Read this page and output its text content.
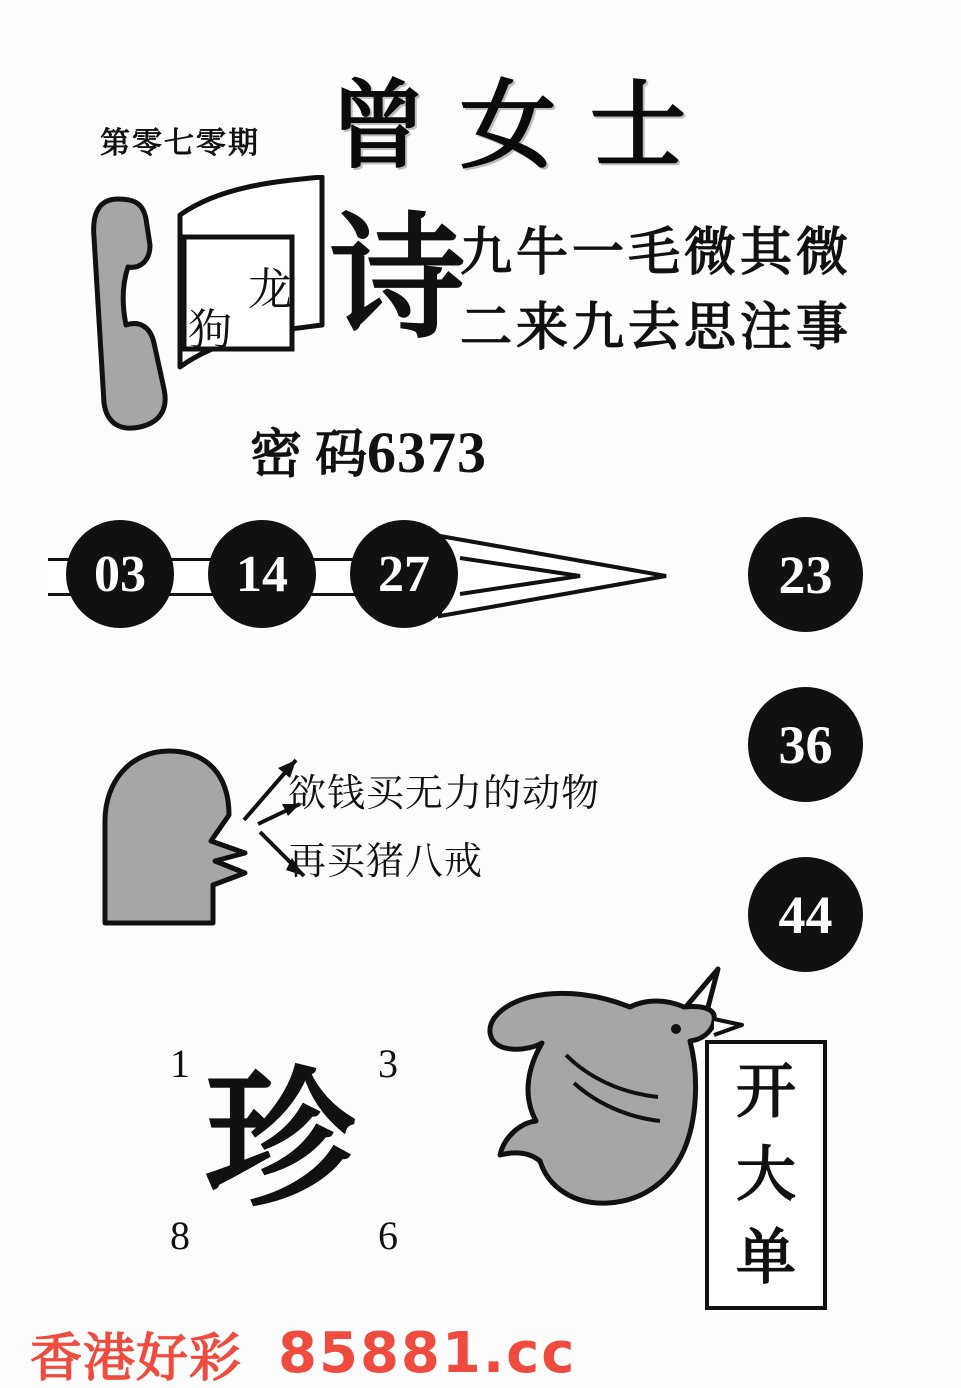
第零七零期 曾女士
龙
狗 诗
九牛一毛微其微
二来九去思注事
密 码6373
03	14	27	23
36
44
欲钱买无力的动物
再买猪八戒
1	3
8	6
珍	开
大
单
香港好彩 85881.cc
